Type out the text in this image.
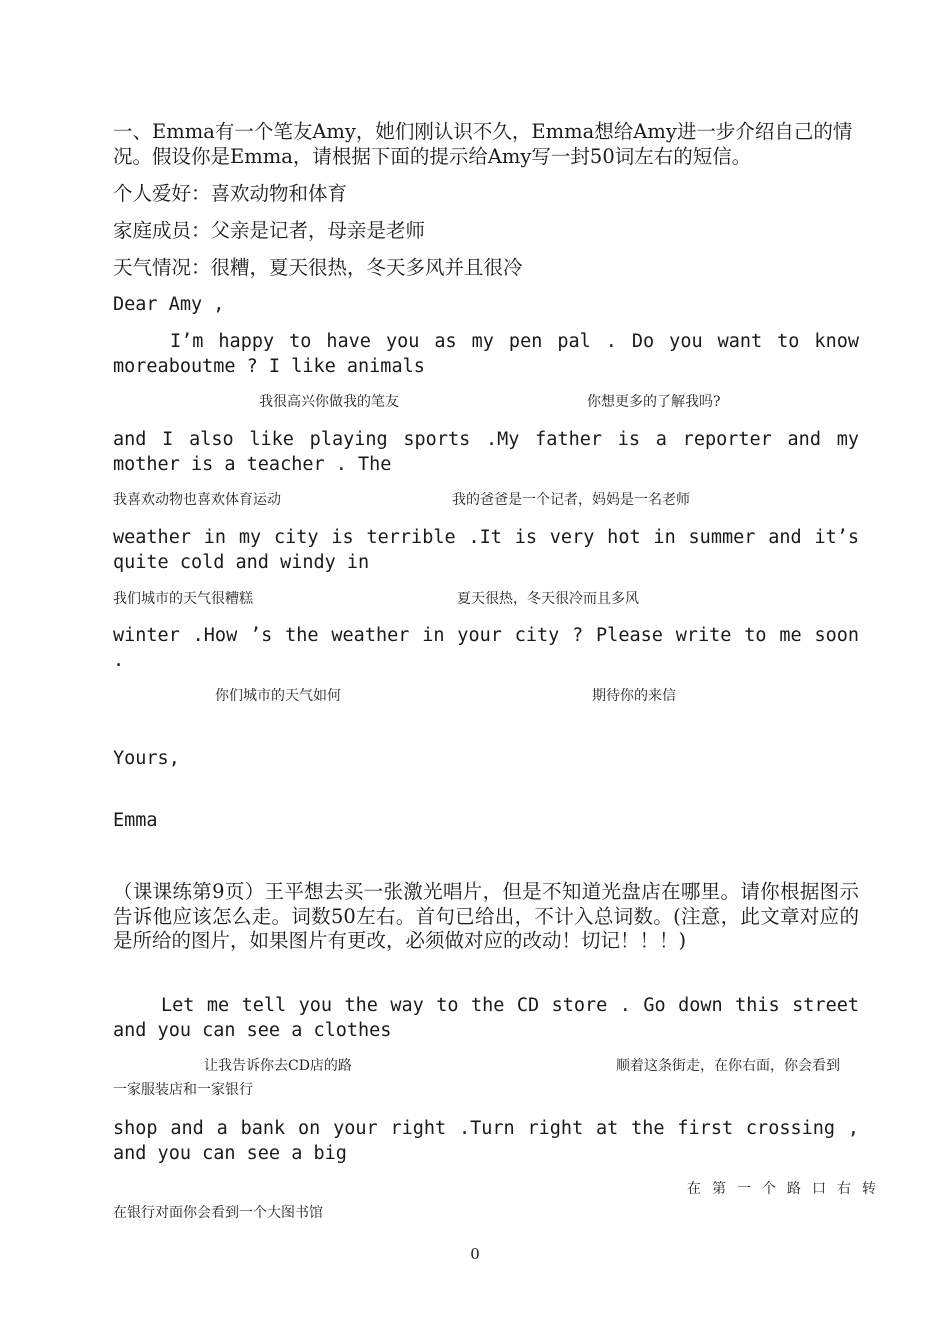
一、Emma有一个笔友Amy，她们刚认识不久，Emma想给Amy进一步介绍自己的情况。假设你是Emma，请根据下面的提示给Amy写一封50词左右的短信。
个人爱好：喜欢动物和体育
家庭成员：父亲是记者，母亲是老师
天气情况：很糟，夏天很热，冬天多风并且很冷
Dear Amy ,
I’m happy to have you as my pen pal . Do you want to know moreaboutme ? I like animals
我很高兴你做我的笔友	你想更多的了解我吗?
and I also like playing sports .My father is a reporter and my mother is a teacher . The
我喜欢动物也喜欢体育运动	我的爸爸是一个记者，妈妈是一名老师
weather in my city is terrible .It is very hot in summer and it’s quite cold and windy in
我们城市的天气很糟糕	夏天很热，冬天很冷而且多风
winter .How ’s the weather in your city ? Please write to me soon .
你们城市的天气如何	期待你的来信
Yours,
Emma
（课课练第9页）王平想去买一张激光唱片，但是不知道光盘店在哪里。请你根据图示告诉他应该怎么走。词数50左右。首句已给出，不计入总词数。(注意，此文章对应的是所给的图片，如果图片有更改，必须做对应的改动！切记！！！)
Let me tell you the way to the CD store . Go down this street and you can see a clothes
让我告诉你去CD店的路	顺着这条街走，在你右面，你会看到
一家服装店和一家银行
shop and a bank on your right .Turn right at the first crossing , and you can see a big
在第一个路口右转
在银行对面你会看到一个大图书馆
0
